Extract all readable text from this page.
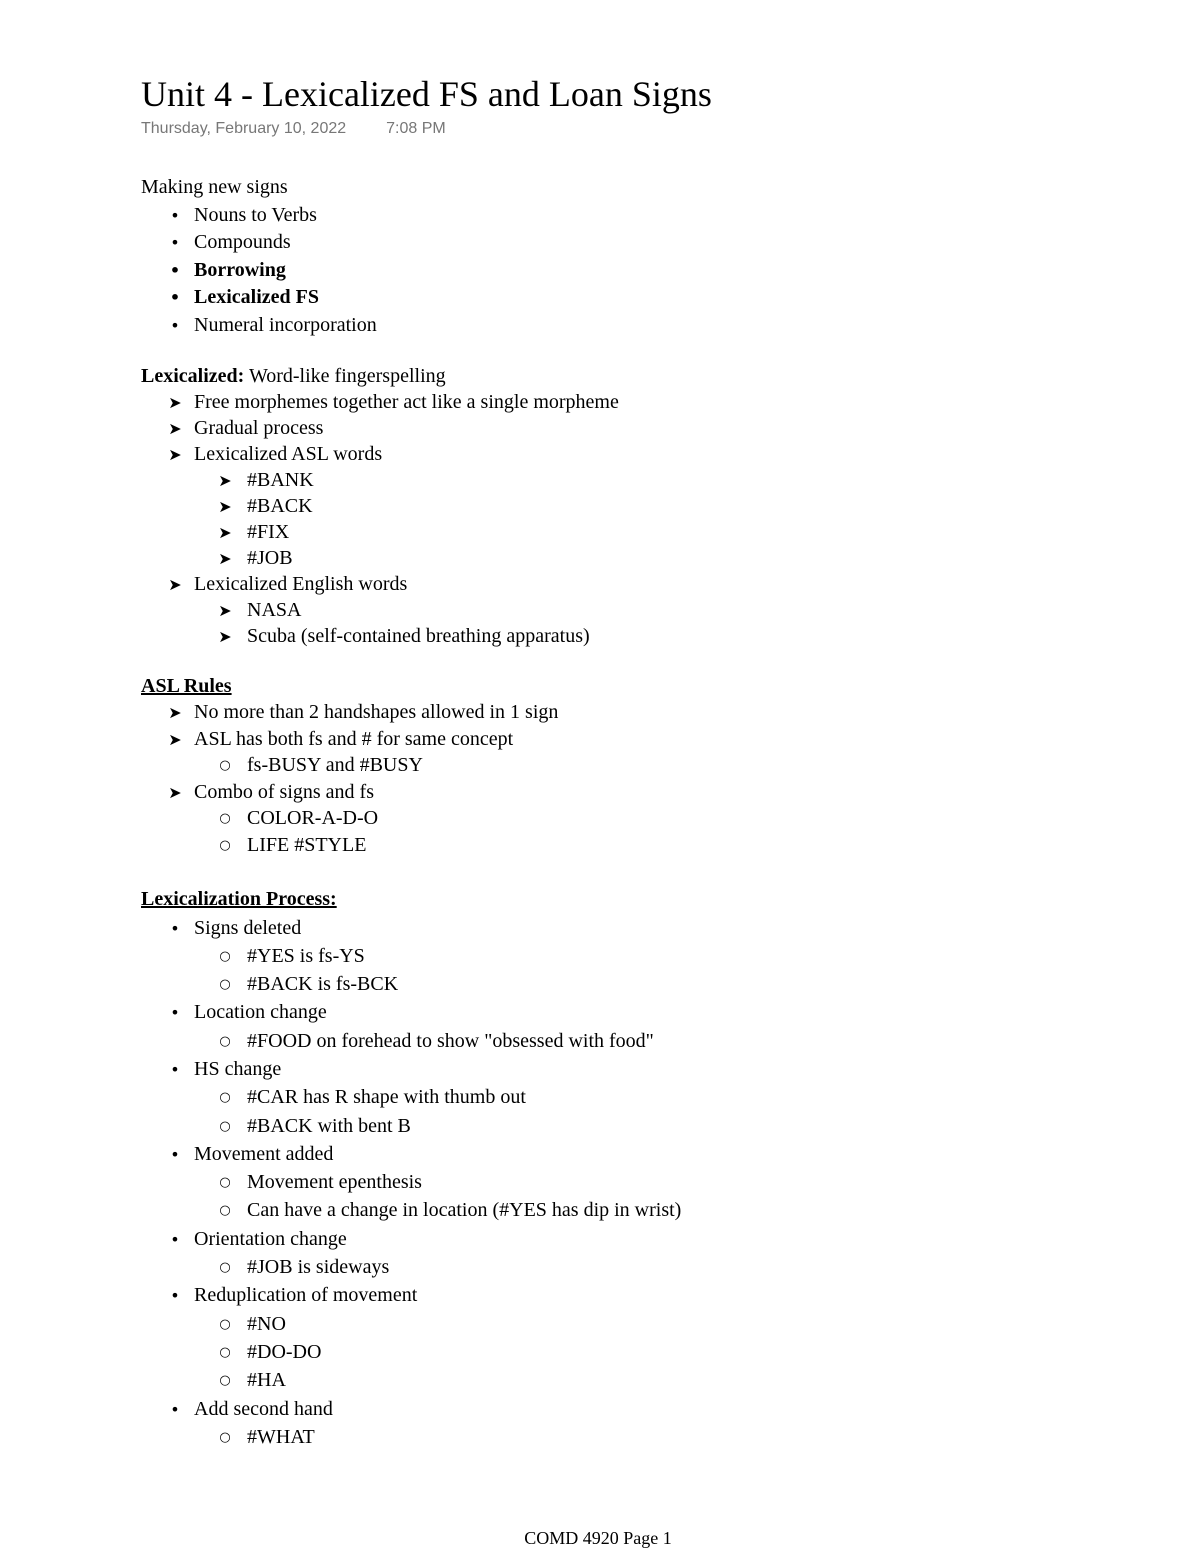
Unit 4 - Lexicalized FS and Loan Signs
Thursday, February 10, 2022	7:08 PM
Making new signs
•
Nouns to Verbs
•
Compounds
•
Borrowing
•
Lexicalized FS
•
Numeral incorporation
Lexicalized: Word-like fingerspelling
➤
Free morphemes together act like a single morpheme
➤
Gradual process
➤
Lexicalized ASL words
➤
#BANK
➤
#BACK
➤
#FIX
➤
#JOB
➤
Lexicalized English words
➤
NASA
➤
Scuba (self-contained breathing apparatus)
ASL Rules
➤
No more than 2 handshapes allowed in 1 sign
➤
ASL has both fs and # for same concept
○
fs-BUSY and #BUSY
➤
Combo of signs and fs
○
COLOR-A-D-O
○
LIFE #STYLE
Lexicalization Process:
•
Signs deleted
○
#YES is fs-YS
○
#BACK is fs-BCK
•
Location change
○
#FOOD on forehead to show "obsessed with food"
•
HS change
○
#CAR has R shape with thumb out
○
#BACK with bent B
•
Movement added
○
Movement epenthesis
○
Can have a change in location (#YES has dip in wrist)
•
Orientation change
○
#JOB is sideways
•
Reduplication of movement
○
#NO
○
#DO-DO
○
#HA
•
Add second hand
○
#WHAT
COMD 4920 Page 1
